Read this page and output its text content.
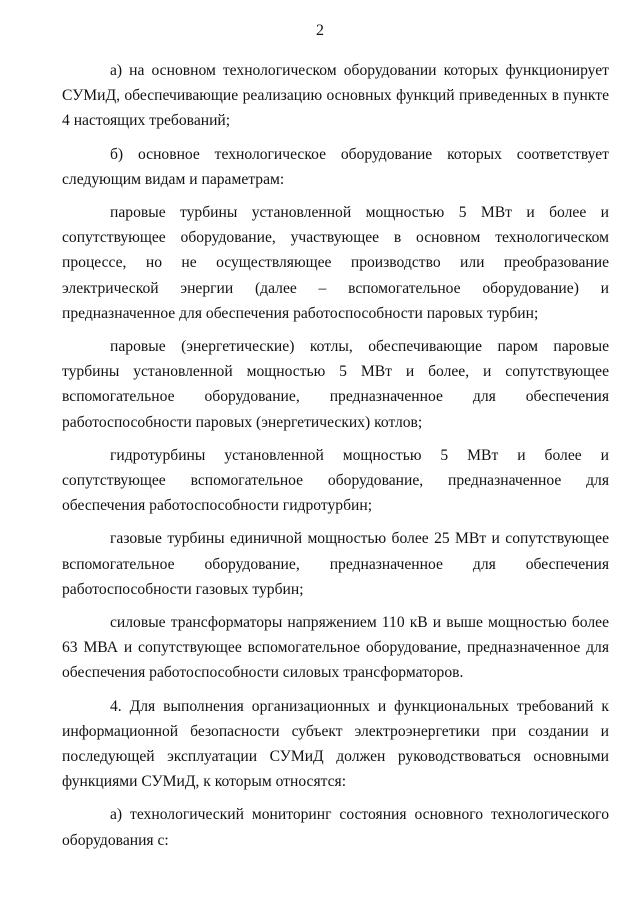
2

а) на основном технологическом оборудовании которых функционирует СУМиД, обеспечивающие реализацию основных функций приведенных в пункте 4 настоящих требований;

б) основное технологическое оборудование которых соответствует следующим видам и параметрам:

паровые турбины установленной мощностью 5 МВт и более и сопутствующее оборудование, участвующее в основном технологическом процессе, но не осуществляющее производство или преобразование электрической энергии (далее – вспомогательное оборудование) и предназначенное для обеспечения работоспособности паровых турбин;

паровые (энергетические) котлы, обеспечивающие паром паровые турбины установленной мощностью 5 МВт и более, и сопутствующее вспомогательное оборудование, предназначенное для обеспечения работоспособности паровых (энергетических) котлов;

гидротурбины установленной мощностью 5 МВт и более и сопутствующее вспомогательное оборудование, предназначенное для обеспечения работоспособности гидротурбин;

газовые турбины единичной мощностью более 25 МВт и сопутствующее вспомогательное оборудование, предназначенное для обеспечения работоспособности газовых турбин;

силовые трансформаторы напряжением 110 кВ и выше мощностью более 63 МВА и сопутствующее вспомогательное оборудование, предназначенное для обеспечения работоспособности силовых трансформаторов.

4. Для выполнения организационных и функциональных требований к информационной безопасности субъект электроэнергетики при создании и последующей эксплуатации СУМиД должен руководствоваться основными функциями СУМиД, к которым относятся:

а) технологический мониторинг состояния основного технологического оборудования с:
